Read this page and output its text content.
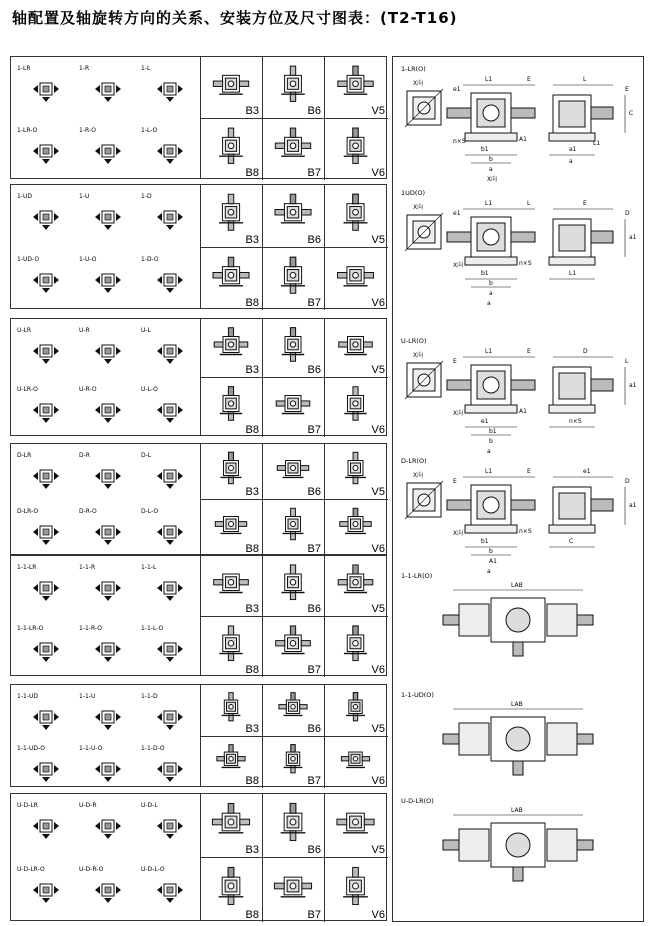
轴配置及轴旋转方向的关系、安装方位及尺寸图表：(T2-T16)
1-LR	1-R	1-L
1-LR-O	1-R-O	1-L-O
B3	B6	V5
B8	B7	V6
1-UD	1-U	1-D
1-UD-O	1-U-O	1-D-O
B3	B6	V5
B8	B7	V6
U-LR	U-R	U-L
U-LR-O	U-R-O	U-L-O
B3	B6	V5
B8	B7	V6
D-LR	D-R	D-L
D-LR-O	D-R-O	D-L-O
B3	B6	V5
B8	B7	V6
1-1-LR	1-1-R	1-1-L
1-1-LR-O	1-1-R-O	1-1-L-O
B3	B6	V5
B8	B7	V6
1-1-UD	1-1-U	1-1-D
1-1-UD-O	1-1-U-O	1-1-D-O
B3	B6	V5
B8	B7	V6
U-D-LR	U-D-R	U-D-L
U-D-LR-O	U-D-R-O	U-D-L-O
B3	B6	V5
B8	B7	V6
1-LR(O)
X向
e1
L1	E	L
E
b1
b
a
A1
n×S
C
X向
a1
a
L1
1UD(O)
X向
e1
L1	L	E
D
b1
b
a
n×S
X向
a1
a
L1
U-LR(O)
X向
E
L1	E	D
L
e1
b1
b
A1
X向
a1
a
n×S
D-LR(O)
X向
E
L1	E	e1
D
b1
b
A1
n×S
X向
a1
a
C
1-1-LR(O)
LAB
1-1-UD(O)
LAB
U-D-LR(O)
LAB
